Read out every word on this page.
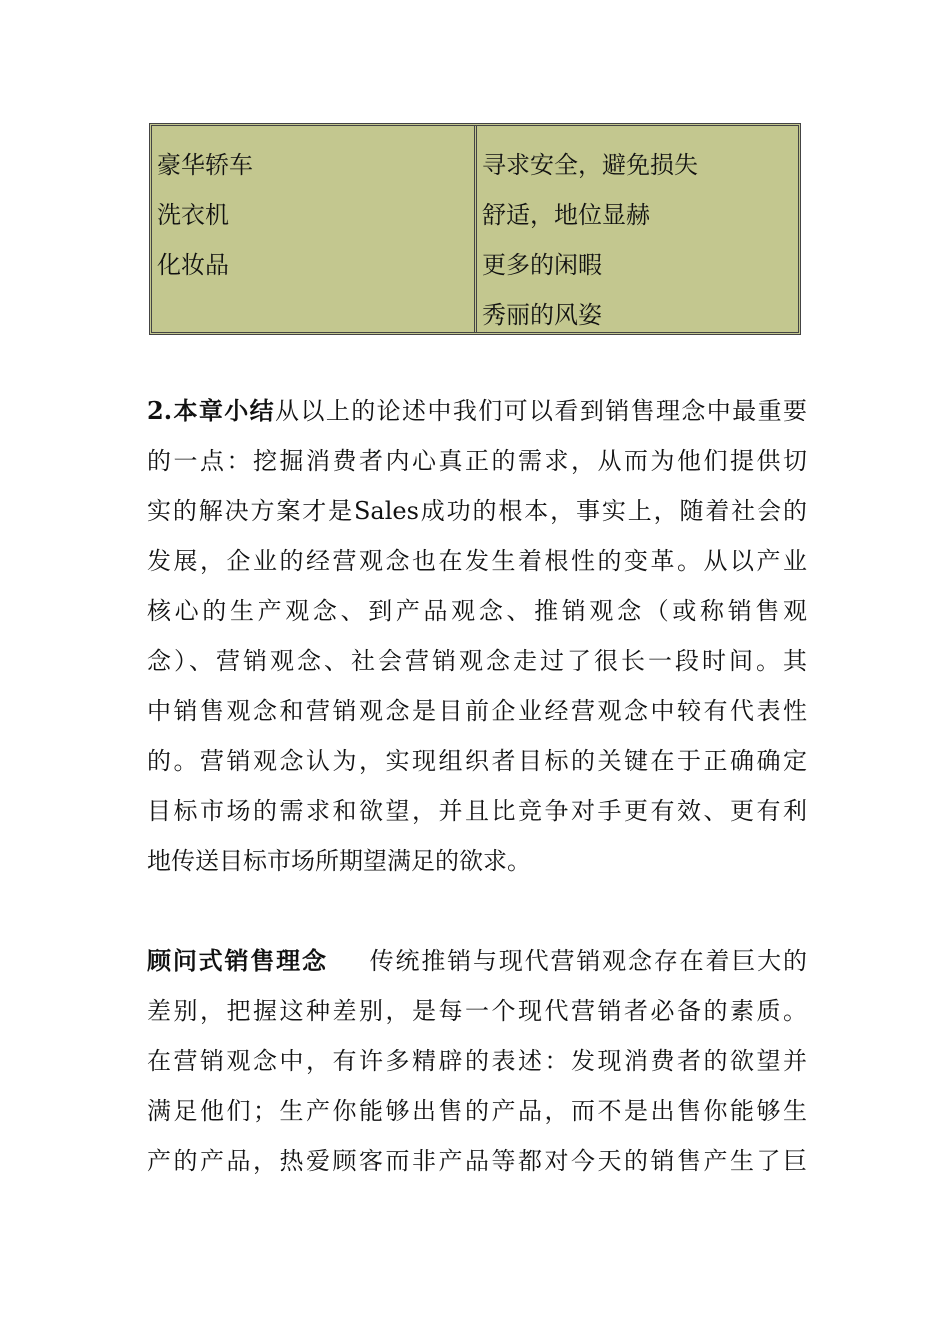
豪华轿车
洗衣机
化妆品
寻求安全，避免损失
舒适，地位显赫
更多的闲暇
秀丽的风姿
2.本章小结从以上的论述中我们可以看到销售理念中最重要
的一点：挖掘消费者内心真正的需求，从而为他们提供切
实的解决方案才是Sales成功的根本，事实上，随着社会的
发展，企业的经营观念也在发生着根性的变革。从以产业
核心的生产观念、到产品观念、推销观念（或称销售观
念）、营销观念、社会营销观念走过了很长一段时间。其
中销售观念和营销观念是目前企业经营观念中较有代表性
的。营销观念认为，实现组织者目标的关键在于正确确定
目标市场的需求和欲望，并且比竞争对手更有效、更有利
地传送目标市场所期望满足的欲求。
顾问式销售理念 传统推销与现代营销观念存在着巨大的
差别，把握这种差别，是每一个现代营销者必备的素质。
在营销观念中，有许多精辟的表述：发现消费者的欲望并
满足他们；生产你能够出售的产品，而不是出售你能够生
产的产品，热爱顾客而非产品等都对今天的销售产生了巨
